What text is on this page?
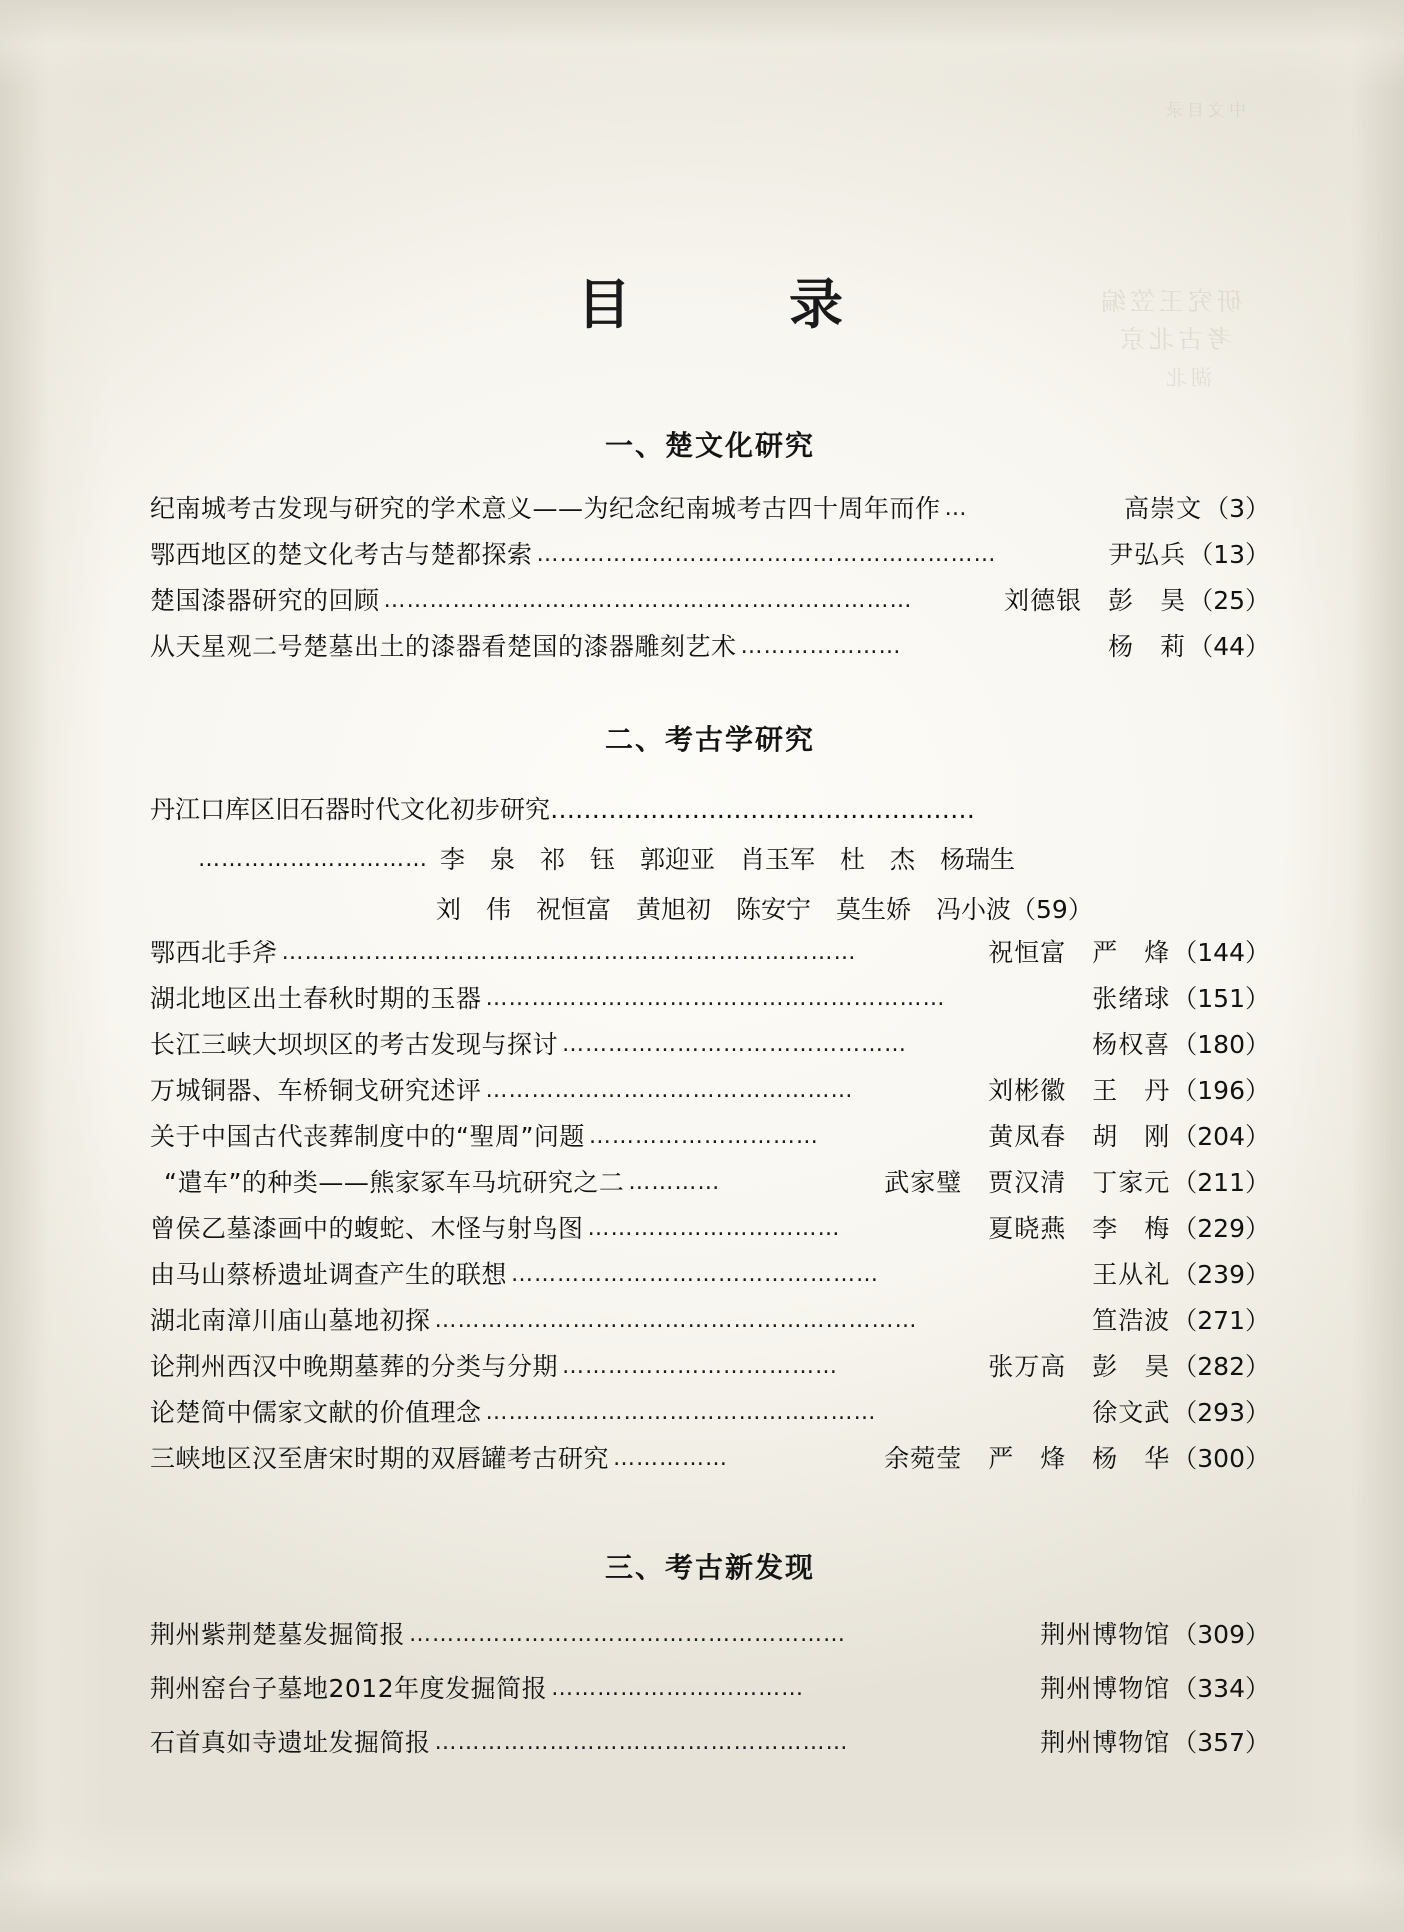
中文目录
研究王笠编
考古北京
湖北
目　录
一、楚文化研究
纪南城考古发现与研究的学术意义——为纪念纪南城考古四十周年而作 …	高崇文 （3）
鄂西地区的楚文化考古与楚都探索 ……………………………………………………	尹弘兵 （13）
楚国漆器研究的回顾 ……………………………………………………………	刘德银　彭　昊 （25）
从天星观二号楚墓出土的漆器看楚国的漆器雕刻艺术 …………………	杨　莉 （44）
二、考古学研究
丹江口库区旧石器时代文化初步研究 ……………………………………………
………………………… 李　泉　祁　钰　郭迎亚　肖玉军　杜　杰　杨瑞生
刘　伟　祝恒富　黄旭初　陈安宁　莫生娇　冯小波 （59）
鄂西北手斧 …………………………………………………………………	祝恒富　严　烽 （144）
湖北地区出土春秋时期的玉器 ……………………………………………………	张绪球 （151）
长江三峡大坝坝区的考古发现与探讨 ………………………………………	杨权喜 （180）
万城铜器、车桥铜戈研究述评 …………………………………………	刘彬徽　王　丹 （196）
关于中国古代丧葬制度中的“聖周”问题 …………………………	黄凤春　胡　刚 （204）
“遣车”的种类——熊家冢车马坑研究之二 …………	武家璧　贾汉清　丁家元 （211）
曾侯乙墓漆画中的蝮蛇、木怪与射鸟图 ……………………………	夏晓燕　李　梅 （229）
由马山蔡桥遗址调查产生的联想 …………………………………………	王从礼 （239）
湖北南漳川庙山墓地初探 ………………………………………………………	笪浩波 （271）
论荆州西汉中晚期墓葬的分类与分期 ………………………………	张万高　彭　昊 （282）
论楚简中儒家文献的价值理念 ……………………………………………	徐文武 （293）
三峡地区汉至唐宋时期的双唇罐考古研究 ……………	余菀莹　严　烽　杨　华 （300）
三、考古新发现
荆州紫荆楚墓发掘简报 …………………………………………………	荆州博物馆 （309）
荆州窑台子墓地2012年度发掘简报 ……………………………	荆州博物馆 （334）
石首真如寺遗址发掘简报 ………………………………………………	荆州博物馆 （357）
